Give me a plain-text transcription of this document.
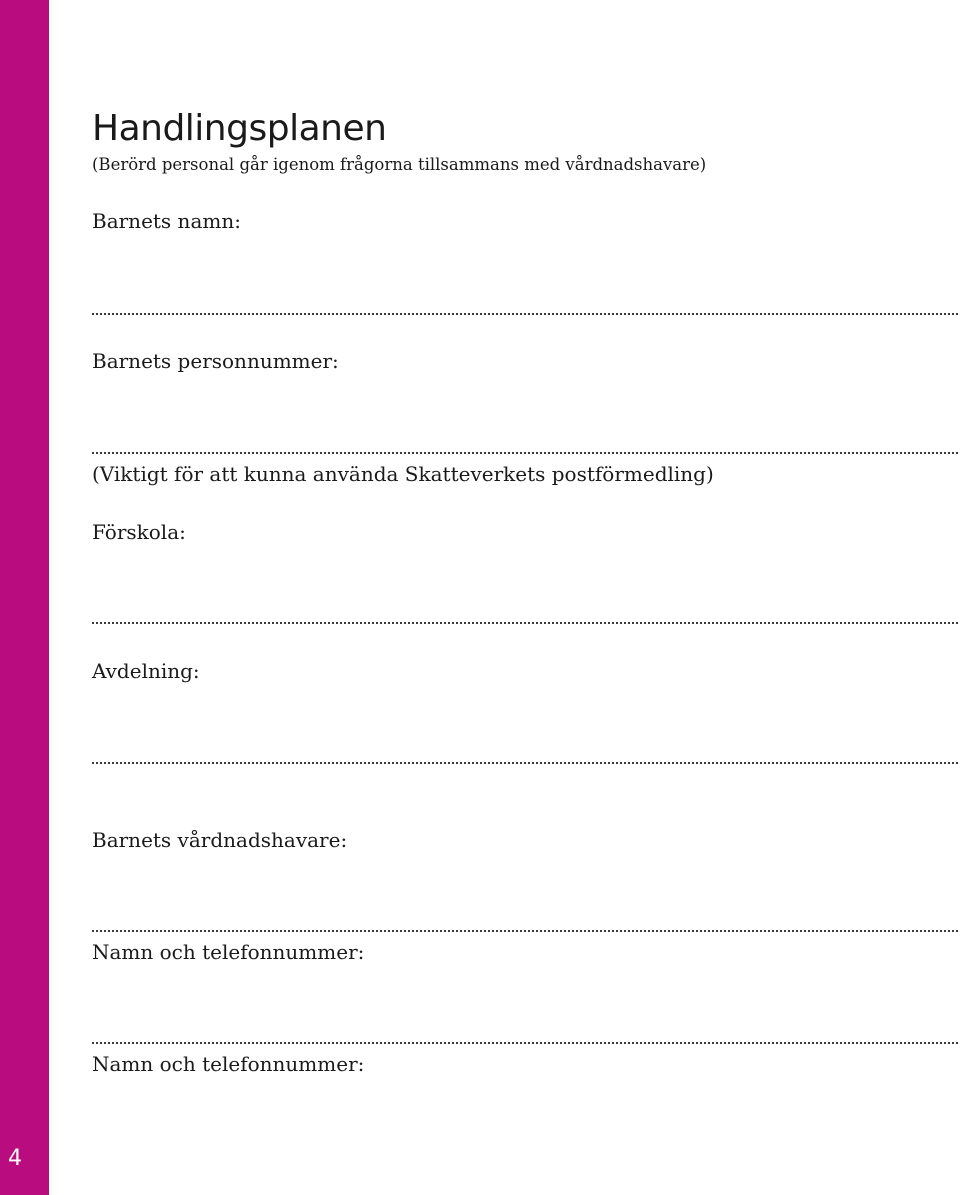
4
Handlingsplanen
(Berörd personal går igenom frågorna tillsammans med vårdnadshavare)
Barnets namn:
Barnets personnummer:
(Viktigt för att kunna använda Skatteverkets postförmedling)
Förskola:
Avdelning:
Barnets vårdnadshavare:
Namn och telefonnummer:
Namn och telefonnummer:
